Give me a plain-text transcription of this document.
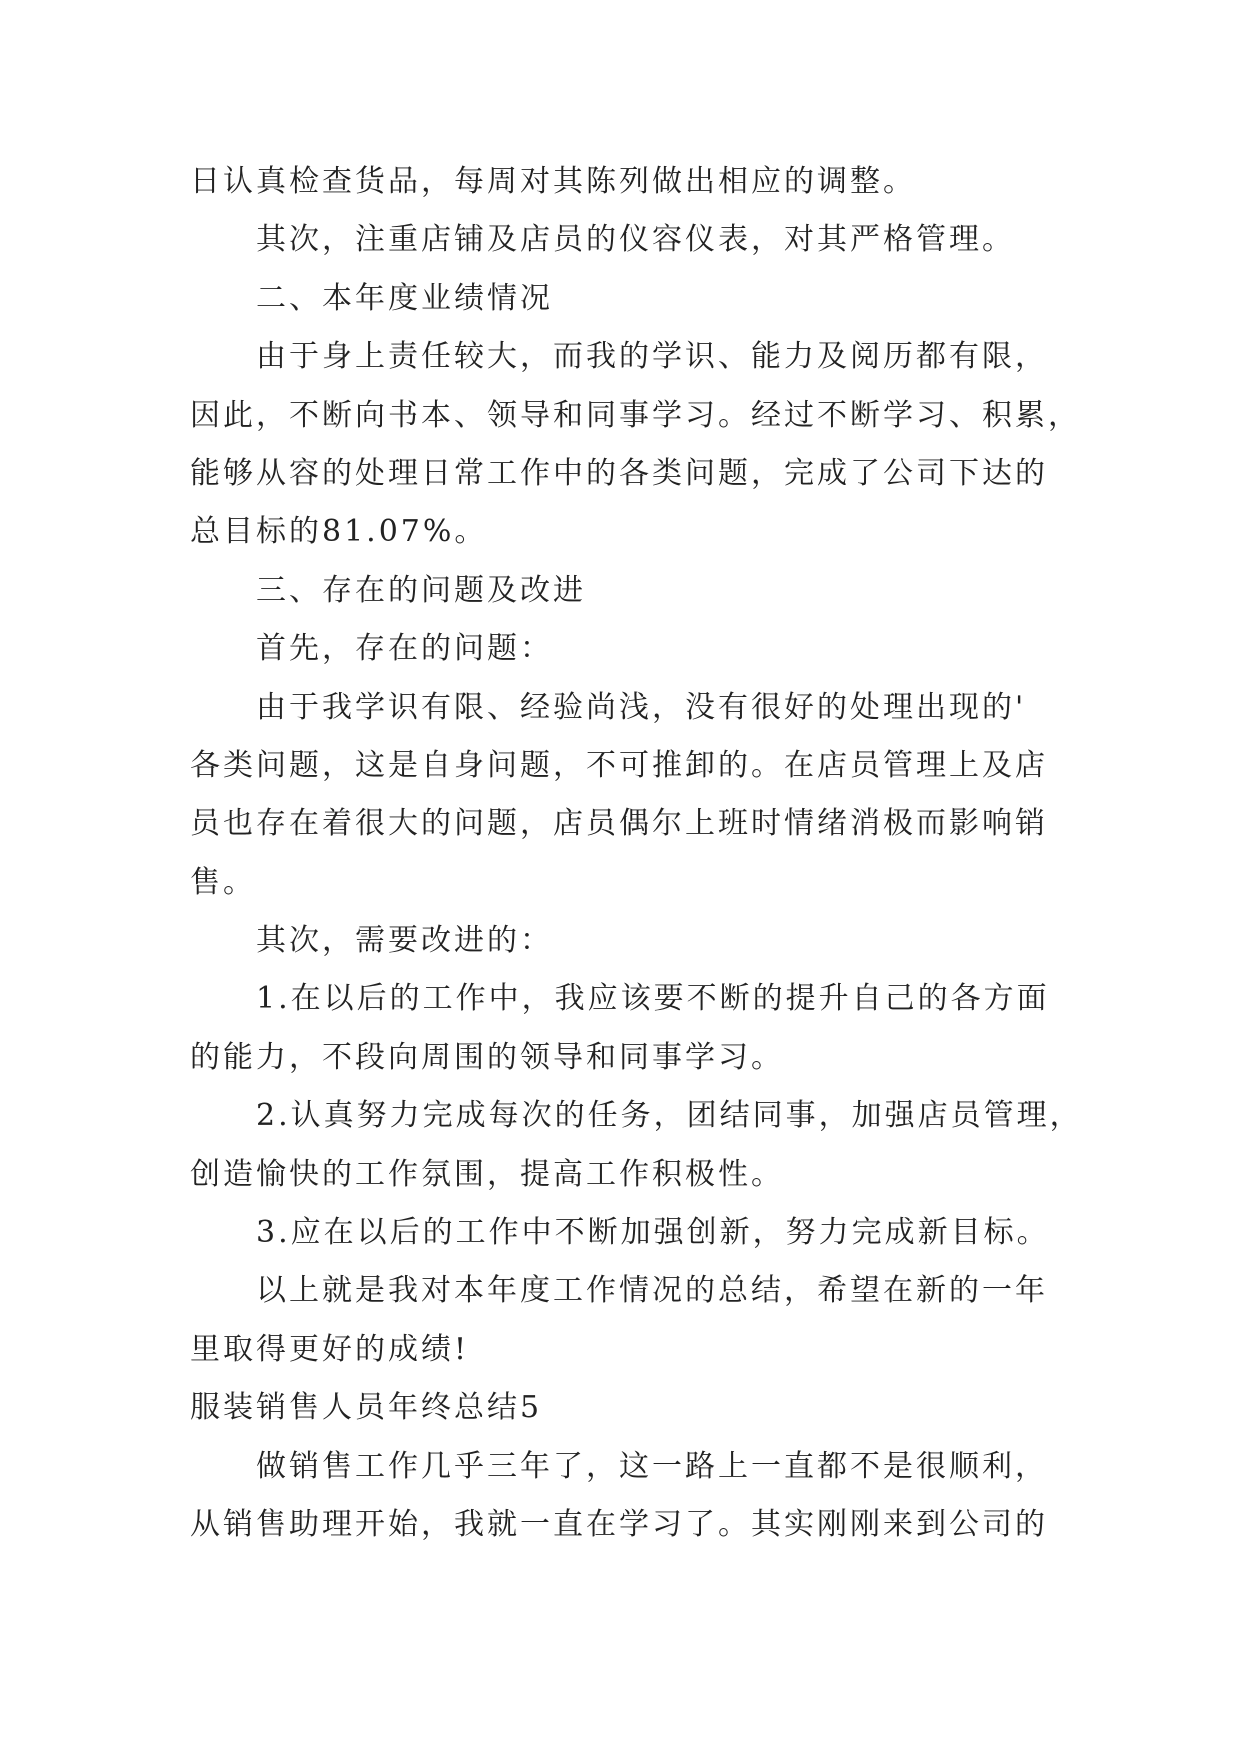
日认真检查货品，每周对其陈列做出相应的调整。
其次，注重店铺及店员的仪容仪表，对其严格管理。
二、本年度业绩情况
由于身上责任较大，而我的学识、能力及阅历都有限，
因此，不断向书本、领导和同事学习。经过不断学习、积累，
能够从容的处理日常工作中的各类问题，完成了公司下达的
总目标的81.07%。
三、存在的问题及改进
首先，存在的问题：
由于我学识有限、经验尚浅，没有很好的处理出现的'
各类问题，这是自身问题，不可推卸的。在店员管理上及店
员也存在着很大的问题，店员偶尔上班时情绪消极而影响销
售。
其次，需要改进的：
1.在以后的工作中，我应该要不断的提升自己的各方面
的能力，不段向周围的领导和同事学习。
2.认真努力完成每次的任务，团结同事，加强店员管理，
创造愉快的工作氛围，提高工作积极性。
3.应在以后的工作中不断加强创新，努力完成新目标。
以上就是我对本年度工作情况的总结，希望在新的一年
里取得更好的成绩!
服装销售人员年终总结5
做销售工作几乎三年了，这一路上一直都不是很顺利，
从销售助理开始，我就一直在学习了。其实刚刚来到公司的
